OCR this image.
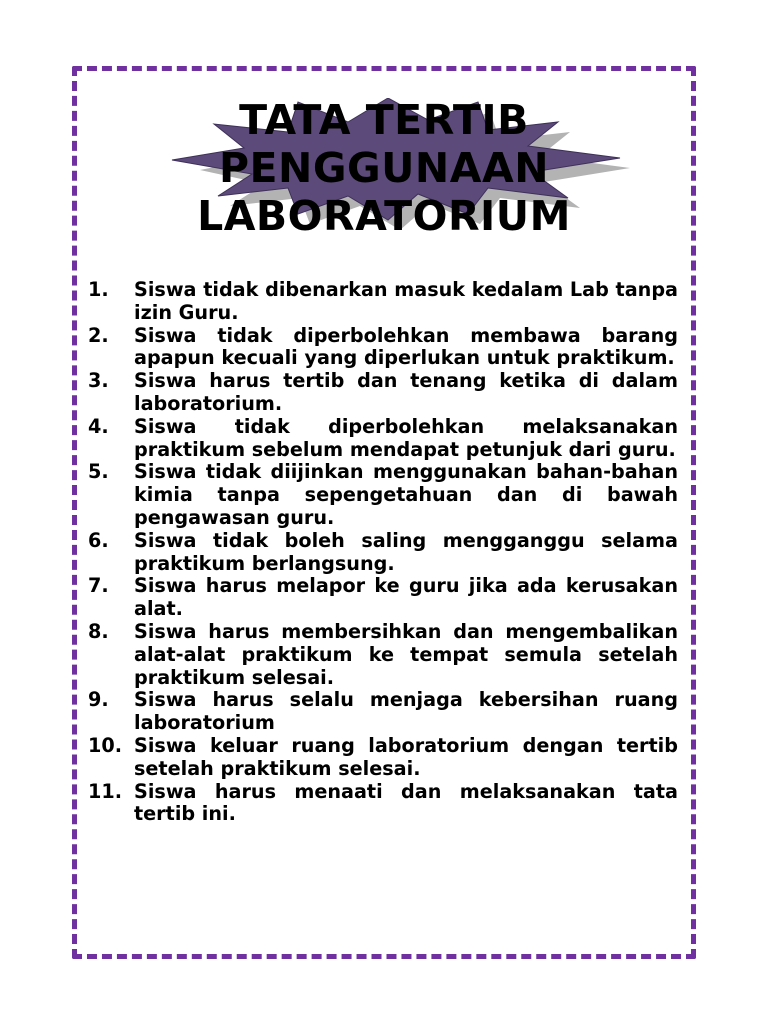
TATA TERTIB
PENGGUNAAN
LABORATORIUM
1. Siswa tidak dibenarkan masuk kedalam Lab tanpa izin Guru.
2. Siswa tidak diperbolehkan membawa barang apapun kecuali yang diperlukan untuk praktikum.
3. Siswa harus tertib dan tenang ketika di dalam laboratorium.
4. Siswa tidak diperbolehkan melaksanakan praktikum sebelum mendapat petunjuk dari guru.
5. Siswa tidak diijinkan menggunakan bahan-bahan kimia tanpa sepengetahuan dan di bawah pengawasan guru.
6. Siswa tidak boleh saling mengganggu selama praktikum berlangsung.
7. Siswa harus melapor ke guru jika ada kerusakan alat.
8. Siswa harus membersihkan dan mengembalikan alat-alat praktikum ke tempat semula setelah praktikum selesai.
9. Siswa harus selalu menjaga kebersihan ruang laboratorium
10. Siswa keluar ruang laboratorium dengan tertib setelah praktikum selesai.
11. Siswa harus menaati dan melaksanakan tata tertib ini.
